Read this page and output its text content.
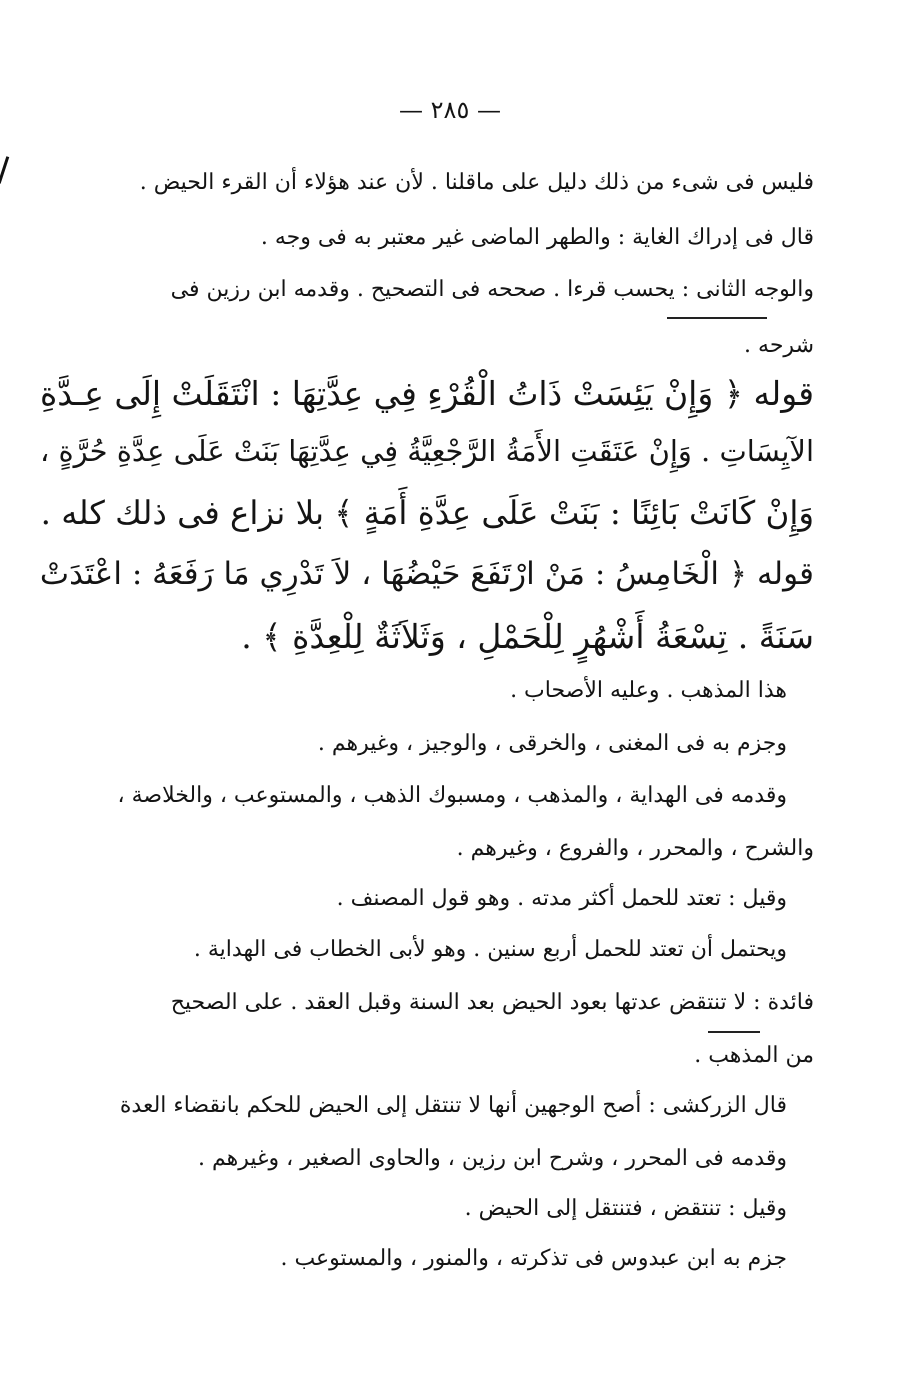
— ٢٨٥ —
فليس فى شىء من ذلك دليل على ماقلنا . لأن عند هؤلاء أن القرء الحيض .
قال فى إدراك الغاية : والطهر الماضى غير معتبر به فى وجه .
والوجه الثانى : يحسب قرءا . صححه فى التصحيح . وقدمه ابن رزين فى
شرحه .
قوله ﴿ وَإِنْ يَئِسَتْ ذَاتُ الْقُرْءِ فِي عِدَّتِهَا : انْتَقَلَتْ إِلَى عِـدَّةِ
الآيِسَاتِ . وَإِنْ عَتَقَتِ الأَمَةُ الرَّجْعِيَّةُ فِي عِدَّتِهَا بَنَتْ عَلَى عِدَّةِ حُرَّةٍ ،
وَإِنْ كَانَتْ بَائِنًا : بَنَتْ عَلَى عِدَّةِ أَمَةٍ ﴾ بلا نزاع فى ذلك كله .
قوله ﴿ الْخَامِسُ : مَنْ ارْتَفَعَ حَيْضُهَا ، لاَ تَدْرِي مَا رَفَعَهُ : اعْتَدَتْ
سَنَةً . تِسْعَةُ أَشْهُرٍ لِلْحَمْلِ ، وَثَلاَثَةٌ لِلْعِدَّةِ ﴾ .
هذا المذهب . وعليه الأصحاب .
وجزم به فى المغنى ، والخرقى ، والوجيز ، وغيرهم .
وقدمه فى الهداية ، والمذهب ، ومسبوك الذهب ، والمستوعب ، والخلاصة ،
والشرح ، والمحرر ، والفروع ، وغيرهم .
وقيل : تعتد للحمل أكثر مدته . وهو قول المصنف .
ويحتمل أن تعتد للحمل أربع سنين . وهو لأبى الخطاب فى الهداية .
فائدة : لا تنتقض عدتها بعود الحيض بعد السنة وقبل العقد . على الصحيح
من المذهب .
قال الزركشى : أصح الوجهين أنها لا تنتقل إلى الحيض للحكم بانقضاء العدة
وقدمه فى المحرر ، وشرح ابن رزين ، والحاوى الصغير ، وغيرهم .
وقيل : تنتقض ، فتنتقل إلى الحيض .
جزم به ابن عبدوس فى تذكرته ، والمنور ، والمستوعب .
